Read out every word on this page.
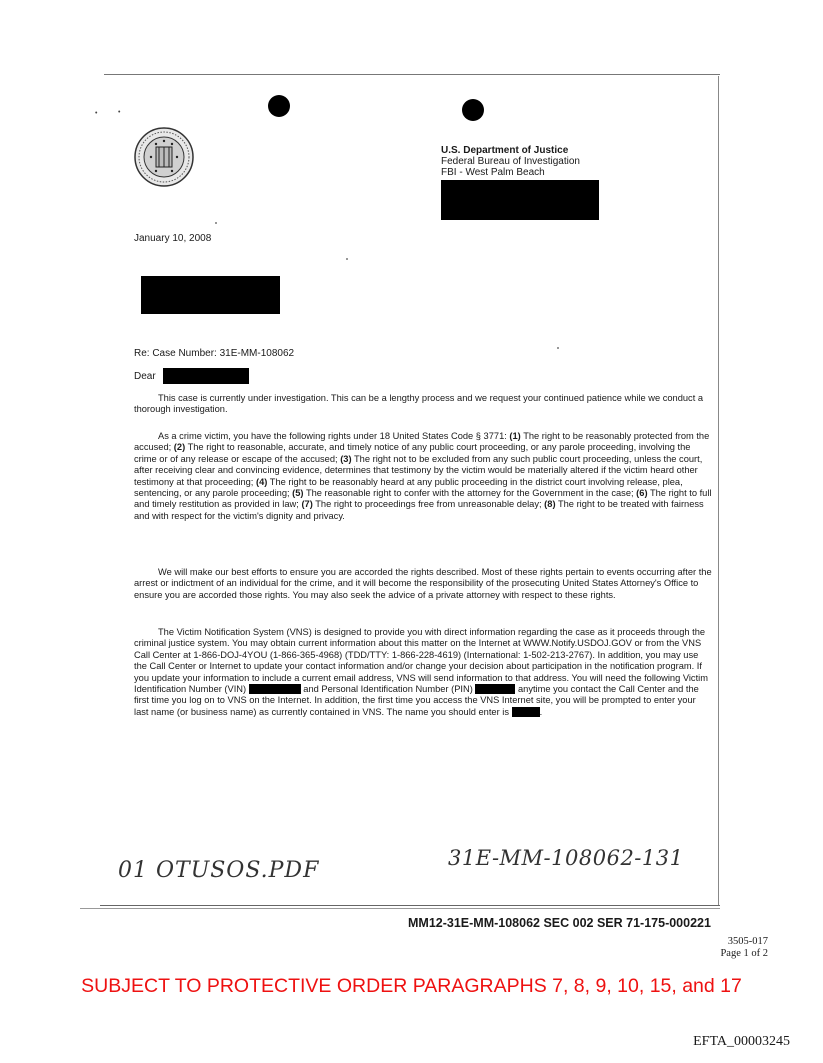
•	•
U.S. Department of Justice
Federal Bureau of Investigation
FBI - West Palm Beach
January 10, 2008
Re: Case Number: 31E-MM-108062
Dear

This case is currently under investigation. This can be a lengthy process and we request your continued patience while we conduct a thorough investigation.

As a crime victim, you have the following rights under 18 United States Code § 3771: (1) The right to be reasonably protected from the accused; (2) The right to reasonable, accurate, and timely notice of any public court proceeding, or any parole proceeding, involving the crime or of any release or escape of the accused; (3) The right not to be excluded from any such public court proceeding, unless the court, after receiving clear and convincing evidence, determines that testimony by the victim would be materially altered if the victim heard other testimony at that proceeding; (4) The right to be reasonably heard at any public proceeding in the district court involving release, plea, sentencing, or any parole proceeding; (5) The reasonable right to confer with the attorney for the Government in the case; (6) The right to full and timely restitution as provided in law; (7) The right to proceedings free from unreasonable delay; (8) The right to be treated with fairness and with respect for the victim's dignity and privacy.

We will make our best efforts to ensure you are accorded the rights described. Most of these rights pertain to events occurring after the arrest or indictment of an individual for the crime, and it will become the responsibility of the prosecuting United States Attorney's Office to ensure you are accorded those rights. You may also seek the advice of a private attorney with respect to these rights.

The Victim Notification System (VNS) is designed to provide you with direct information regarding the case as it proceeds through the criminal justice system. You may obtain current information about this matter on the Internet at WWW.Notify.USDOJ.GOV or from the VNS Call Center at 1-866-DOJ-4YOU (1-866-365-4968) (TDD/TTY: 1-866-228-4619) (International: 1-502-213-2767). In addition, you may use the Call Center or Internet to update your contact information and/or change your decision about participation in the notification program. If you update your information to include a current email address, VNS will send information to that address. You will need the following Victim Identification Number (VIN)	and Personal Identification Number (PIN)	anytime you contact the Call Center and the first time you log on to VNS on the Internet. In addition, the first time you access the VNS Internet site, you will be prompted to enter your last name (or business name) as currently contained in VNS. The name you should enter is	.

01 OTUSOS.PDF	31E-MM-108062-131
MM12-31E-MM-108062 SEC 002 SER 71-175-000221
3505-017
Page 1 of 2
SUBJECT TO PROTECTIVE ORDER PARAGRAPHS 7, 8, 9, 10, 15, and 17
EFTA_00003245
